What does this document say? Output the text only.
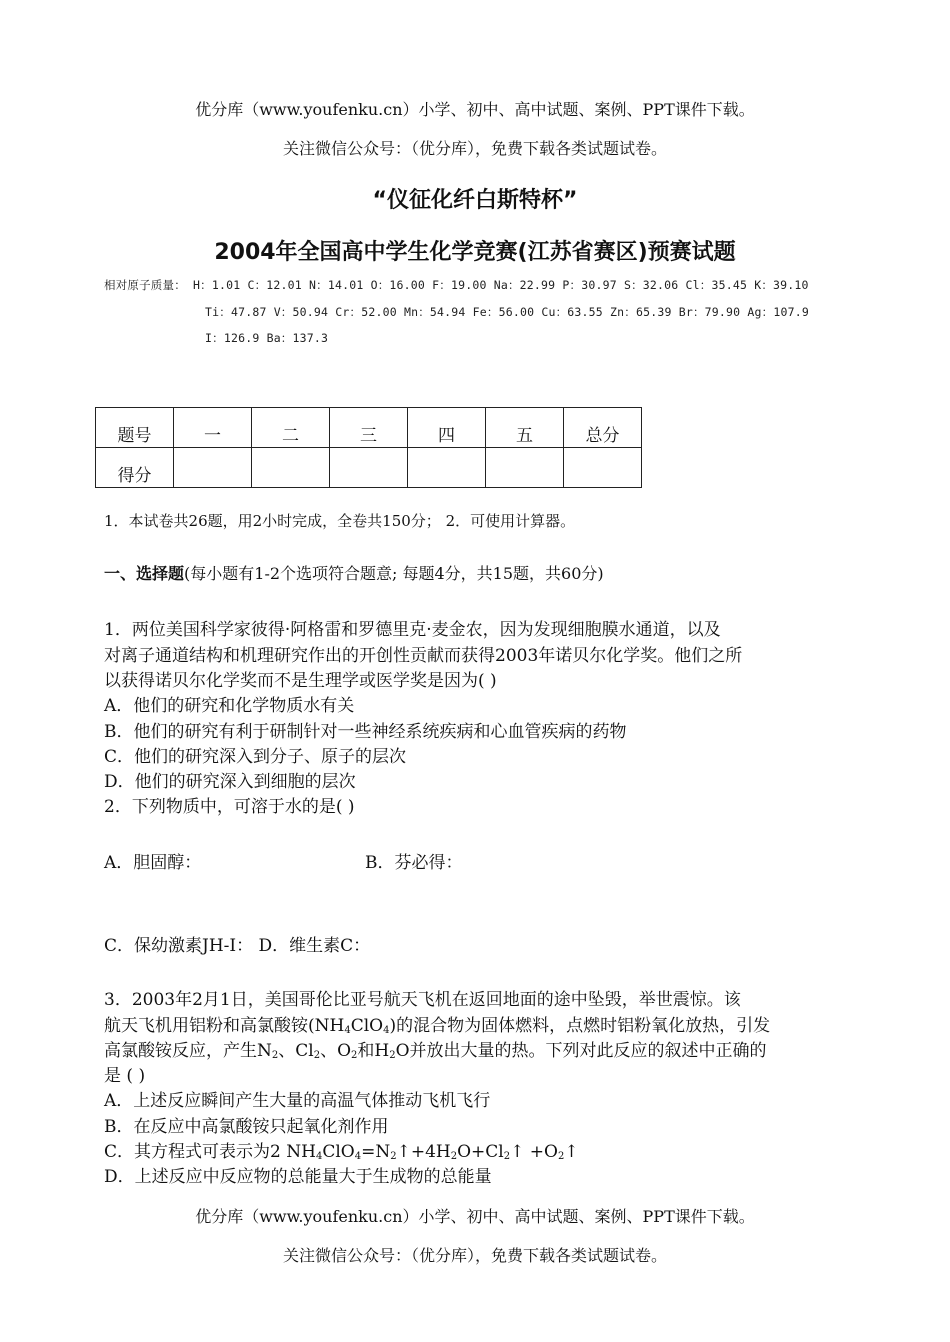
优分库（www.youfenku.cn）小学、初中、高中试题、案例、PPT课件下载。
关注微信公众号：（优分库），免费下载各类试题试卷。
“仪征化纤白斯特杯”
2004年全国高中学生化学竞赛(江苏省赛区)预赛试题
相对原子质量： H：1.01 C：12.01 N：14.01 O：16.00 F：19.00 Na：22.99 P：30.97 S：32.06 Cl：35.45 K：39.10
Ti：47.87 V：50.94 Cr：52.00 Mn：54.94 Fe：56.00 Cu：63.55 Zn：65.39 Br：79.90 Ag：107.9
I：126.9 Ba：137.3
题号	一	二	三	四	五	总分
得分						
1．本试卷共26题，用2小时完成，全卷共150分； 2．可使用计算器。
一、选择题(每小题有1-2个选项符合题意; 每题4分，共15题，共60分)
1．两位美国科学家彼得·阿格雷和罗德里克·麦金农，因为发现细胞膜水通道，以及
对离子通道结构和机理研究作出的开创性贡献而获得2003年诺贝尔化学奖。他们之所
以获得诺贝尔化学奖而不是生理学或医学奖是因为( )
A．他们的研究和化学物质水有关
B．他们的研究有利于研制针对一些神经系统疾病和心血管疾病的药物
C．他们的研究深入到分子、原子的层次
D．他们的研究深入到细胞的层次
2．下列物质中，可溶于水的是( )
A．胆固醇：	B．芬必得：
C．保幼激素JH-I： D．维生素C：
3．2003年2月1日，美国哥伦比亚号航天飞机在返回地面的途中坠毁，举世震惊。该
航天飞机用铝粉和高氯酸铵$(NH_4ClO_4)$的混合物为固体燃料，点燃时铝粉氧化放热，引发
高氯酸铵反应，产生$N_2$、$Cl_2$、$O_2$和$H_2O$并放出大量的热。下列对此反应的叙述中正确的
是 ( )
A．上述反应瞬间产生大量的高温气体推动飞机飞行
B．在反应中高氯酸铵只起氧化剂作用
C．其方程式可表示为2 $NH_4ClO_4=N_2↑+4H_2O+Cl_2↑$ $+O_2↑$
D．上述反应中反应物的总能量大于生成物的总能量
优分库（www.youfenku.cn）小学、初中、高中试题、案例、PPT课件下载。
关注微信公众号：（优分库），免费下载各类试题试卷。
